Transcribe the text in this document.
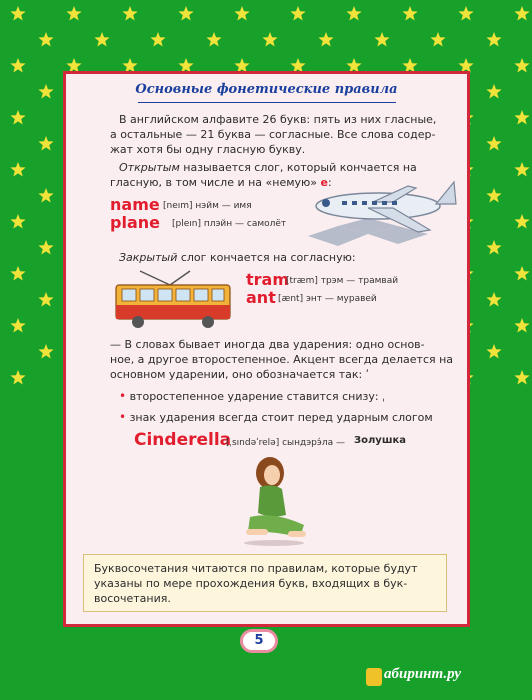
Основные фонетические правила
В английском алфавите 26 букв: пять из них гласные,
а остальные — 21 буква — согласные. Все слова содер-
жат хотя бы одну гласную букву.
Открытым называется слог, который кончается на
гласную, в том числе и на «немую» е:
name [neım] нэйм — имя
plane [pleın] плэйн — самолёт
Закрытый слог кончается на согласную:
tram
[træm] трэм — трамвай
ant [ænt] энт — муравей
— В словах бывает иногда два ударения: одно основ-
ное, а другое второстепенное. Акцент всегда делается на
основном ударении, оно обозначается так: ʹ
• второстепенное ударение ставится снизу: ˌ
• знак ударения всегда стоит перед ударным слогом
Cinderella
[ˌsındəʹrelə] сындэрэ́ла — Золушка
Буквосочетания читаются по правилам, которые будут
указаны по мере прохождения букв, входящих в бук-
восочетания.
5
абиринт.ру
